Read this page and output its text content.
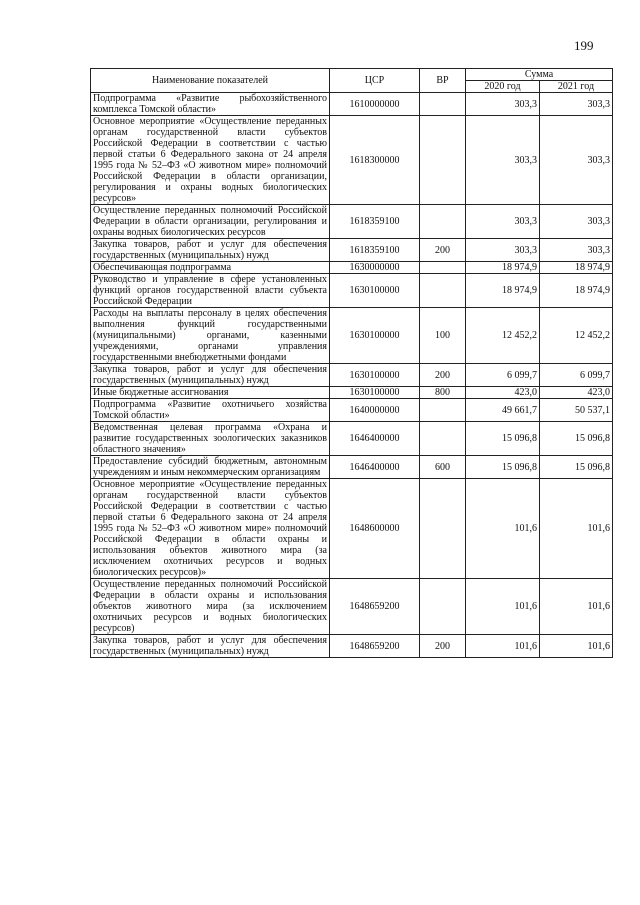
199
Наименование показателей	ЦСР	ВР	Сумма	
			2020 год	2021 год
Подпрограмма «Развитие рыбохозяйственного комплекса Томской области»	1610000000		303,3	303,3
Основное мероприятие «Осуществление переданных органам государственной власти субъектов Российской Федерации в соответствии с частью первой статьи 6 Федерального закона от 24 апреля 1995 года № 52–ФЗ «О животном мире» полномочий Российской Федерации в области организации, регулирования и охраны водных биологических ресурсов»	1618300000		303,3	303,3
Осуществление переданных полномочий Российской Федерации в области организации, регулирования и охраны водных биологических ресурсов	1618359100		303,3	303,3
Закупка товаров, работ и услуг для обеспечения государственных (муниципальных) нужд	1618359100	200	303,3	303,3
Обеспечивающая подпрограмма	1630000000		18 974,9	18 974,9
Руководство и управление в сфере установленных функций органов государственной власти субъекта Российской Федерации	1630100000		18 974,9	18 974,9
Расходы на выплаты персоналу в целях обеспечения выполнения функций государственными (муниципальными) органами, казенными учреждениями, органами управления государственными внебюджетными фондами	1630100000	100	12 452,2	12 452,2
Закупка товаров, работ и услуг для обеспечения государственных (муниципальных) нужд	1630100000	200	6 099,7	6 099,7
Иные бюджетные ассигнования	1630100000	800	423,0	423,0
Подпрограмма «Развитие охотничьего хозяйства Томской области»	1640000000		49 661,7	50 537,1
Ведомственная целевая программа «Охрана и развитие государственных зоологических заказников областного значения»	1646400000		15 096,8	15 096,8
Предоставление субсидий бюджетным, автономным учреждениям и иным некоммерческим организациям	1646400000	600	15 096,8	15 096,8
Основное мероприятие «Осуществление переданных органам государственной власти субъектов Российской Федерации в соответствии с частью первой статьи 6 Федерального закона от 24 апреля 1995 года № 52–ФЗ «О животном мире» полномочий Российской Федерации в области охраны и использования объектов животного мира (за исключением охотничьих ресурсов и водных биологических ресурсов)»	1648600000		101,6	101,6
Осуществление переданных полномочий Российской Федерации в области охраны и использования объектов животного мира (за исключением охотничьих ресурсов и водных биологических ресурсов)	1648659200		101,6	101,6
Закупка товаров, работ и услуг для обеспечения государственных (муниципальных) нужд	1648659200	200	101,6	101,6
